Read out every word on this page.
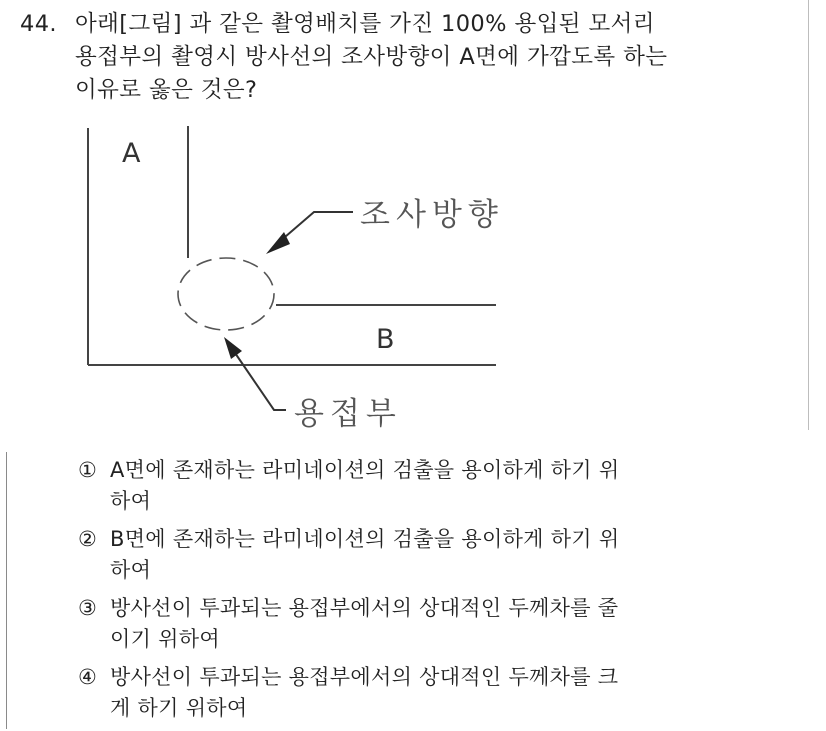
44. 아래[그림] 과 같은 촬영배치를 가진 100% 용입된 모서리
용접부의 촬영시 방사선의 조사방향이 A면에 가깝도록 하는
이유로 옳은 것은?
A
B
조사방향
용접부
① A면에 존재하는 라미네이션의 검출을 용이하게 하기 위
하여
② B면에 존재하는 라미네이션의 검출을 용이하게 하기 위
하여
③ 방사선이 투과되는 용접부에서의 상대적인 두께차를 줄
이기 위하여
④ 방사선이 투과되는 용접부에서의 상대적인 두께차를 크
게 하기 위하여
